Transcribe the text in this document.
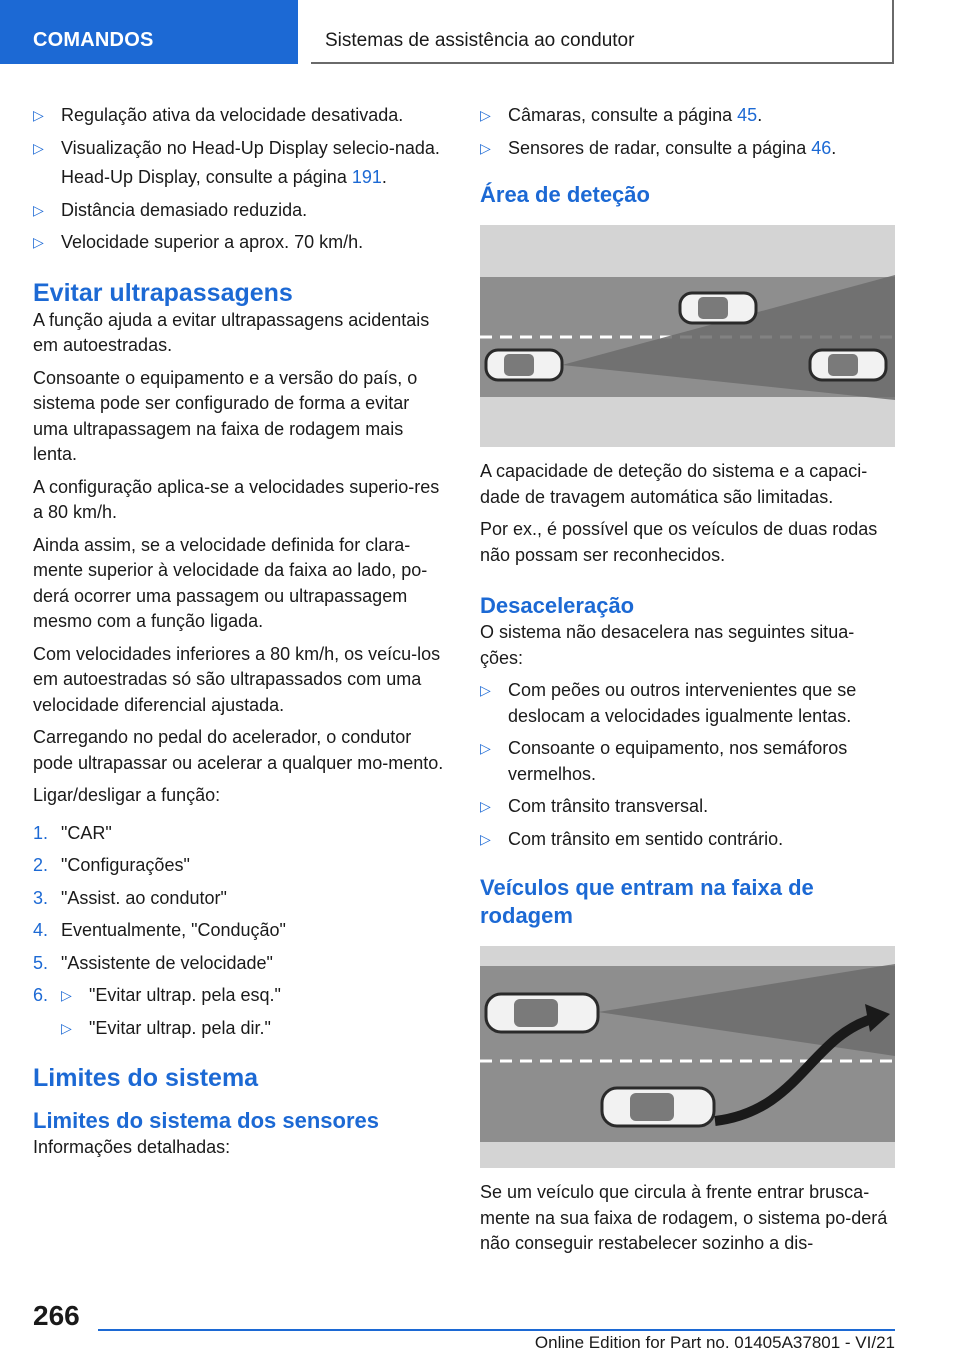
COMANDOS	Sistemas de assistência ao condutor
▷ Regulação ativa da velocidade desativada.
▷ Visualização no Head-Up Display selecio-nada.
Head-Up Display, consulte a página 191.
▷ Distância demasiado reduzida.
▷ Velocidade superior a aprox. 70 km/h.
Evitar ultrapassagens

A função ajuda a evitar ultrapassagens acidentais em autoestradas.

Consoante o equipamento e a versão do país, o sistema pode ser configurado de forma a evitar uma ultrapassagem na faixa de rodagem mais lenta.

A configuração aplica-se a velocidades superio-res a 80 km/h.

Ainda assim, se a velocidade definida for clara-mente superior à velocidade da faixa ao lado, po-derá ocorrer uma passagem ou ultrapassagem mesmo com a função ligada.

Com velocidades inferiores a 80 km/h, os veícu-los em autoestradas só são ultrapassados com uma velocidade diferencial ajustada.

Carregando no pedal do acelerador, o condutor pode ultrapassar ou acelerar a qualquer mo-mento.

Ligar/desligar a função:

1. "CAR"
2. "Configurações"
3. "Assist. ao condutor"
4. Eventualmente, "Condução"
5. "Assistente de velocidade"
6. ▷ "Evitar ultrap. pela esq."
▷ "Evitar ultrap. pela dir."
Limites do sistema
Limites do sistema dos sensores

Informações detalhadas:

▷ Câmaras, consulte a página 45.
▷ Sensores de radar, consulte a página 46.
Área de deteção

A capacidade de deteção do sistema e a capaci-dade de travagem automática são limitadas.

Por ex., é possível que os veículos de duas rodas não possam ser reconhecidos.

Desaceleração

O sistema não desacelera nas seguintes situa-ções:

▷ Com peões ou outros intervenientes que se deslocam a velocidades igualmente lentas.
▷ Consoante o equipamento, nos semáforos vermelhos.
▷ Com trânsito transversal.
▷ Com trânsito em sentido contrário.
Veículos que entram na faixa de rodagem

Se um veículo que circula à frente entrar brusca-mente na sua faixa de rodagem, o sistema po-derá não conseguir restabelecer sozinho a dis-

266
Online Edition for Part no. 01405A37801 - VI/21
